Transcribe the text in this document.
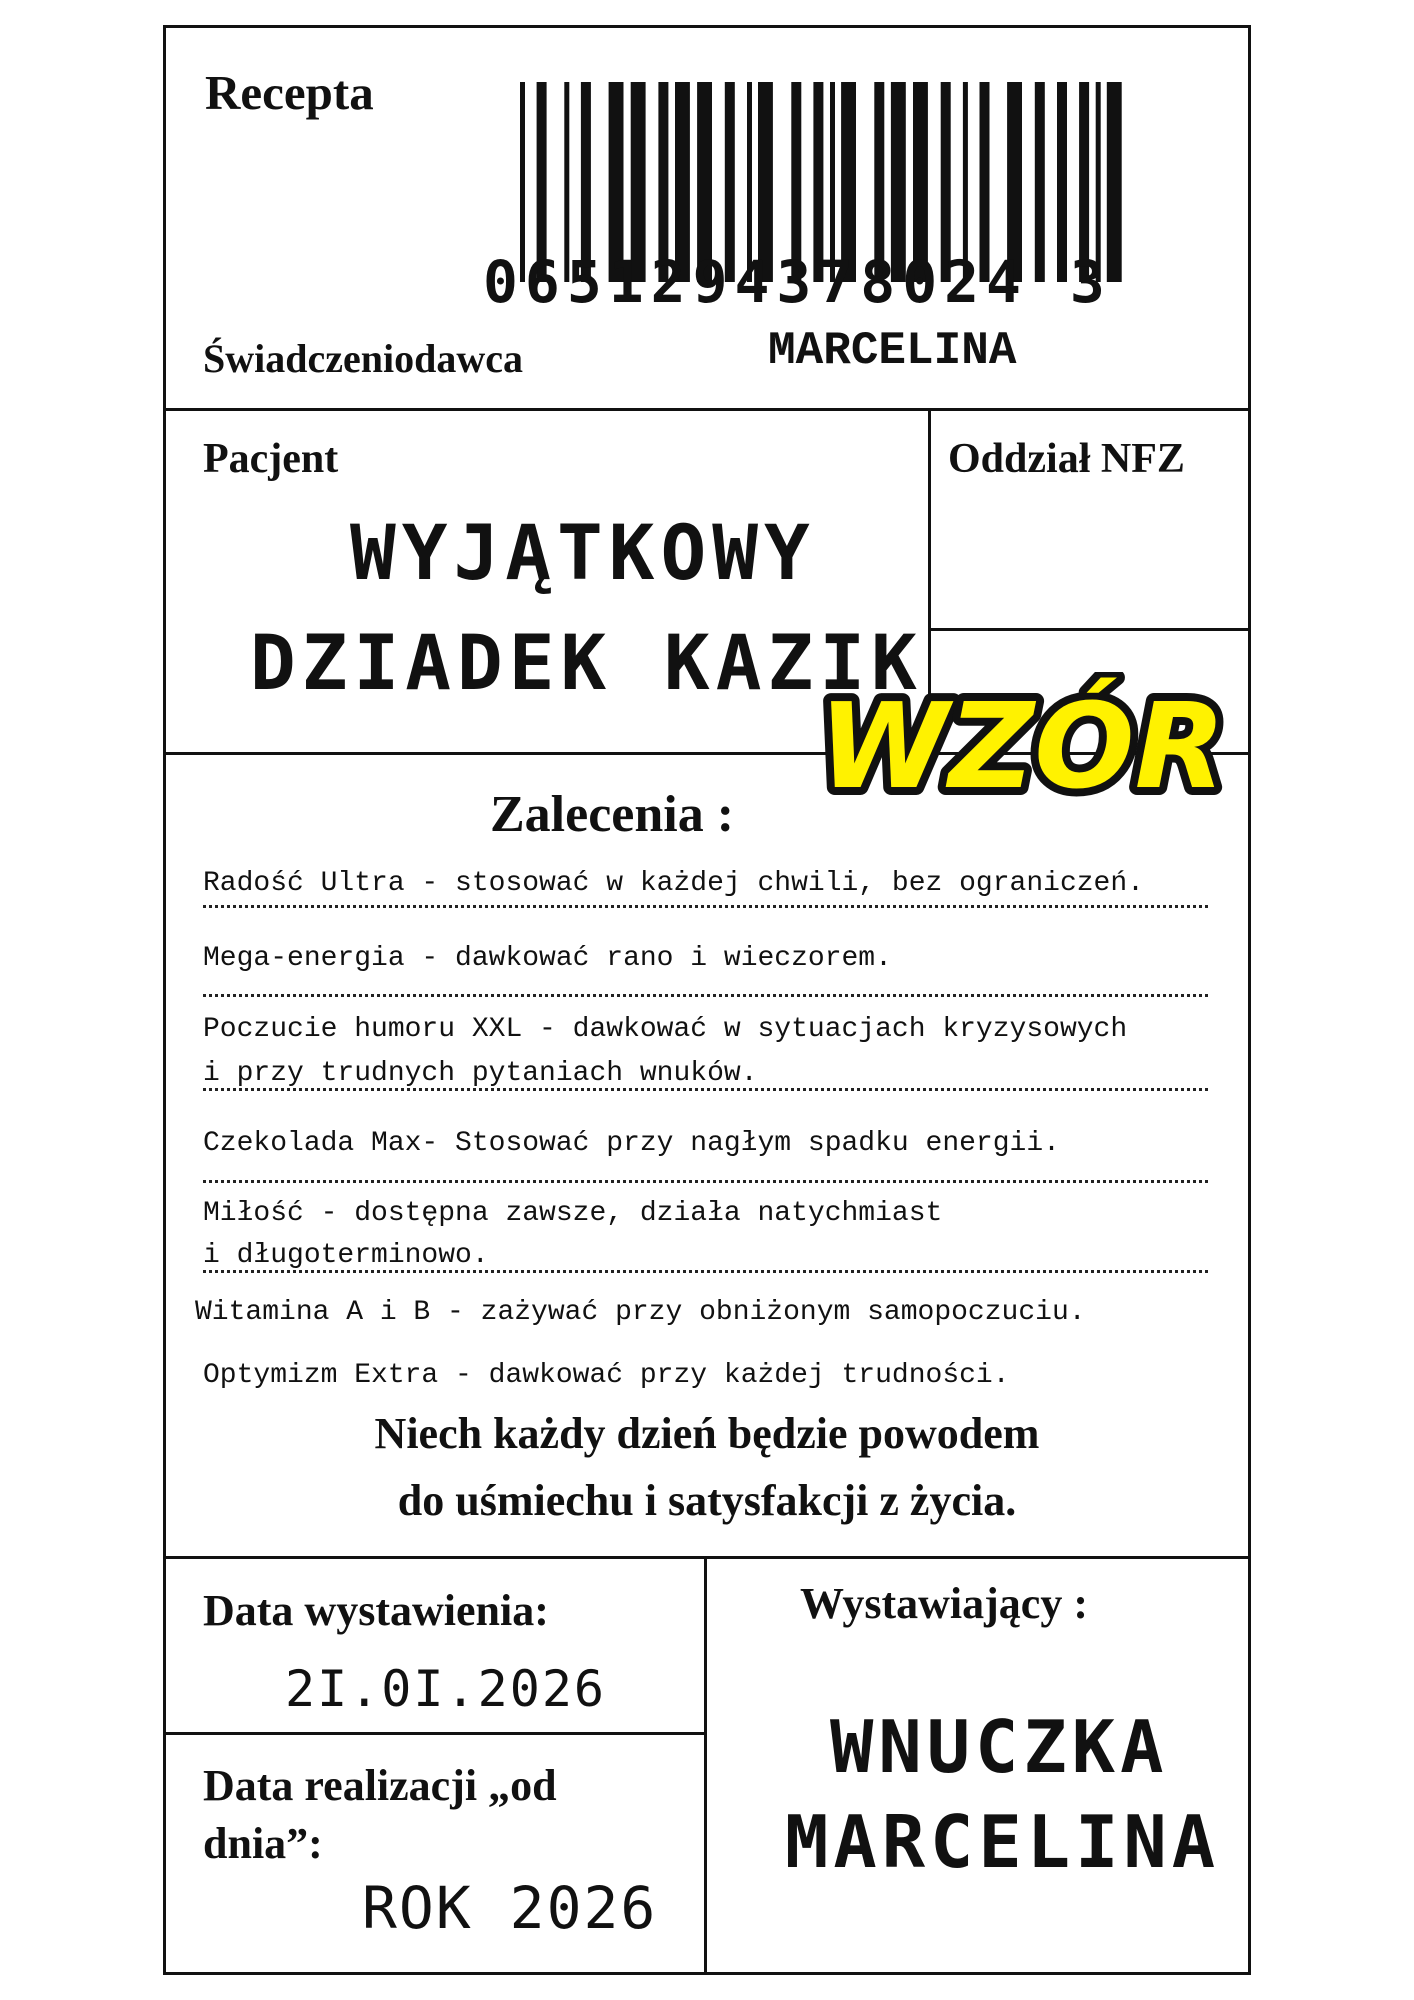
Recepta
0651294378024 3
Świadczeniodawca	MARCELINA
Pacjent
WYJĄTKOWY
DZIADEK KAZIK
Oddział NFZ
WZÓR
Zalecenia :
Radość Ultra - stosować w każdej chwili, bez ograniczeń.
Mega-energia - dawkować rano i wieczorem.
Poczucie humoru XXL - dawkować w sytuacjach kryzysowych
i przy trudnych pytaniach wnuków.
Czekolada Max- Stosować przy nagłym spadku energii.
Miłość - dostępna zawsze, działa natychmiast
i długoterminowo.
Witamina A i B - zażywać przy obniżonym samopoczuciu.
Optymizm Extra - dawkować przy każdej trudności.
Niech każdy dzień będzie powodem
do uśmiechu i satysfakcji z życia.
Data wystawienia:
2I.0I.2026
Data realizacji „od
dnia”:
ROK 2026
Wystawiający :
WNUCZKA
MARCELINA
